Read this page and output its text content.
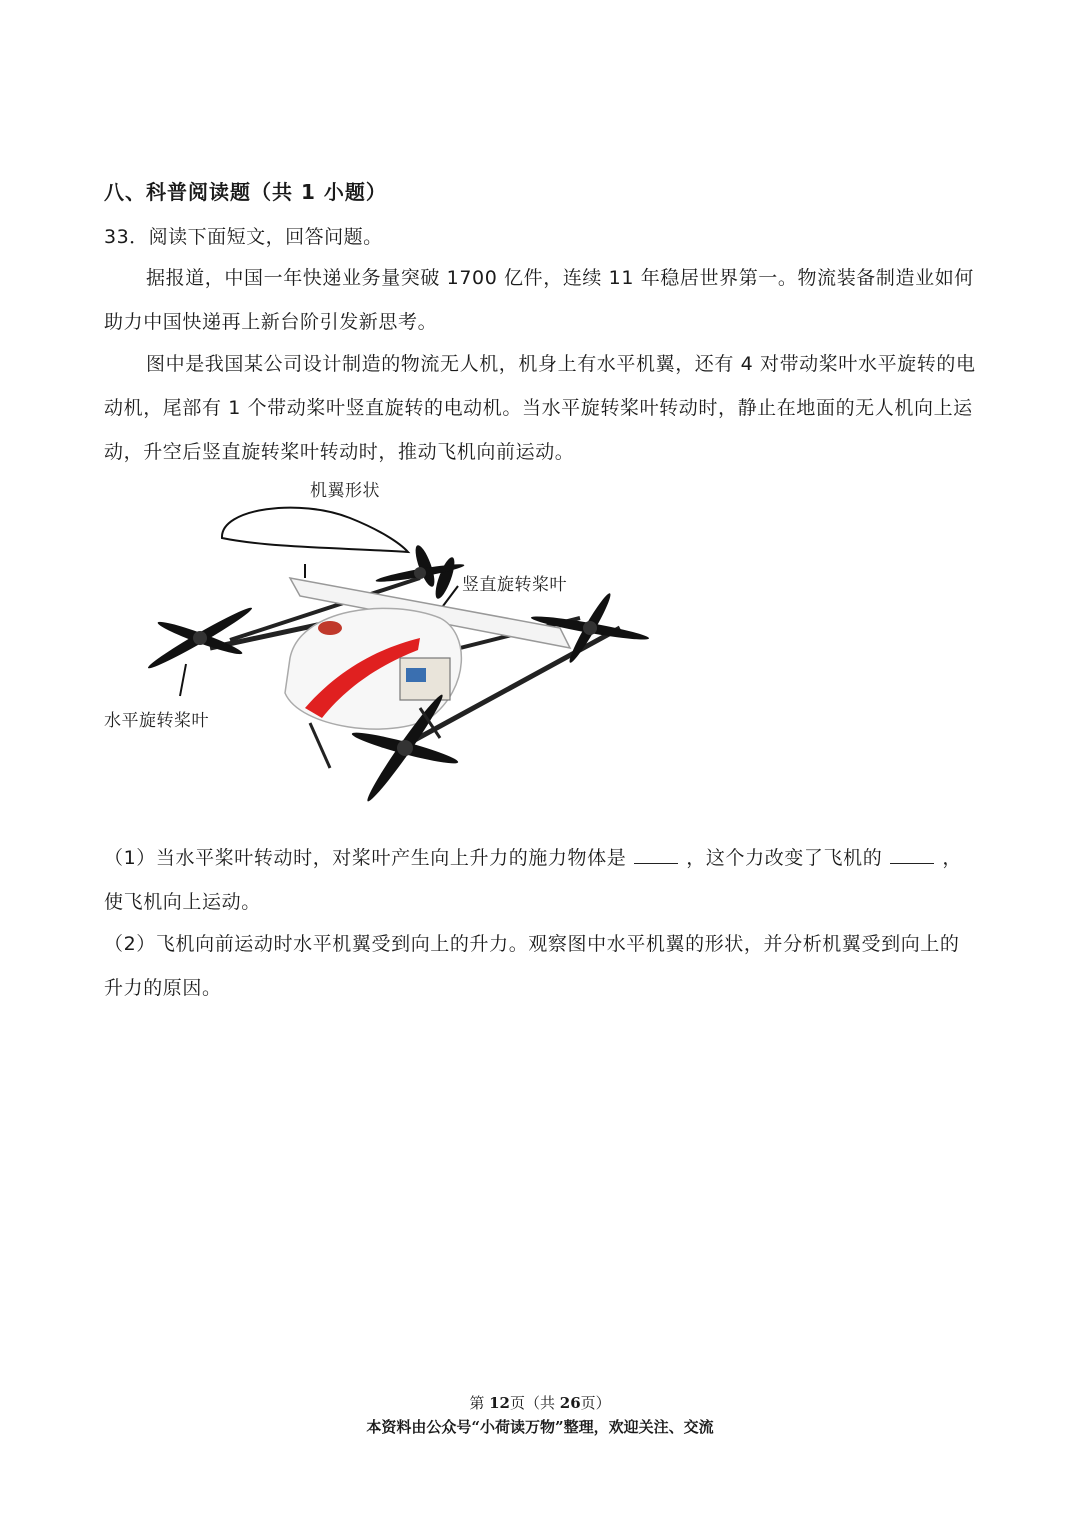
八、科普阅读题（共 1 小题）
33．阅读下面短文，回答问题。

据报道，中国一年快递业务量突破 1700 亿件，连续 11 年稳居世界第一。物流装备制造业如何助力中国快递再上新台阶引发新思考。

图中是我国某公司设计制造的物流无人机，机身上有水平机翼，还有 4 对带动桨叶水平旋转的电动机，尾部有 1 个带动桨叶竖直旋转的电动机。当水平旋转桨叶转动时，静止在地面的无人机向上运动，升空后竖直旋转桨叶转动时，推动飞机向前运动。

机翼形状
竖直旋转桨叶
水平旋转桨叶

（1）当水平桨叶转动时，对桨叶产生向上升力的施力物体是	，这个力改变了飞机的	，使飞机向上运动。

（2）飞机向前运动时水平机翼受到向上的升力。观察图中水平机翼的形状，并分析机翼受到向上的升力的原因。

第 12页（共 26页）
本资料由公众号“小荷读万物”整理，欢迎关注、交流
